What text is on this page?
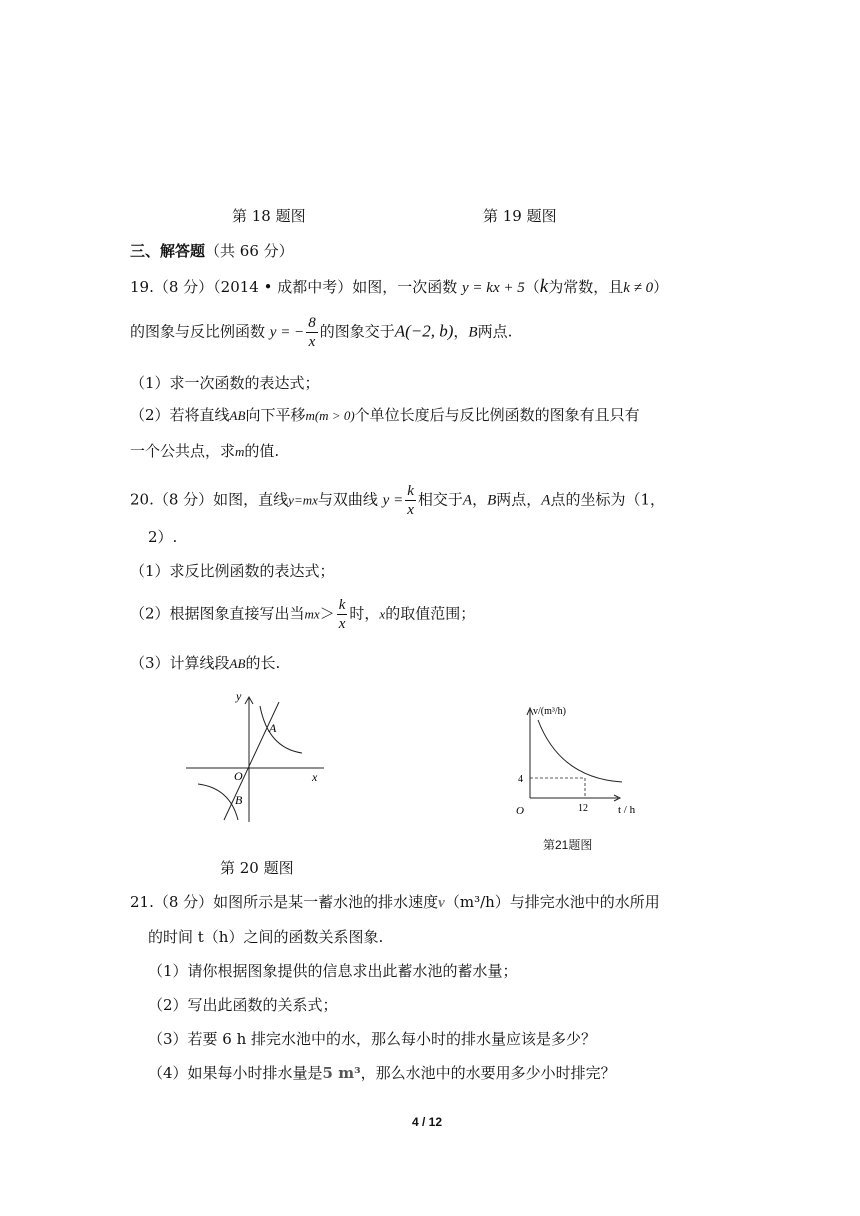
第 18 题图	第 19 题图
三、解答题（共 66 分）
19.（8 分）（2014 • 成都中考）如图，一次函数 y = kx + 5（k为常数，且k ≠ 0）
的图象与反比例函数 y = − $\frac{8}{x}$ 的图象交于A(−2, b)，B两点.
（1）求一次函数的表达式；
（2）若将直线AB向下平移m(m > 0)个单位长度后与反比例函数的图象有且只有
一个公共点，求m的值.
20.（8 分）如图，直线y=mx与双曲线 $y = \frac{k}{x}$ 相交于A，B两点，A点的坐标为（1，
2）.
（1）求反比例函数的表达式；
（2）根据图象直接写出当$mx> \frac{k}{x}$ 时，x的取值范围；
（3）计算线段AB的长.
y
x
O
A
B
第 20 题图
v/(m³/h)
t / h
O
4
12
第21题图
21.（8 分）如图所示是某一蓄水池的排水速度v（m³/h）与排完水池中的水所用
的时间 t（h）之间的函数关系图象.
（1）请你根据图象提供的信息求出此蓄水池的蓄水量；
（2）写出此函数的关系式；
（3）若要 6 h 排完水池中的水，那么每小时的排水量应该是多少？
（4）如果每小时排水量是5 m³，那么水池中的水要用多少小时排完？
4 / 12
